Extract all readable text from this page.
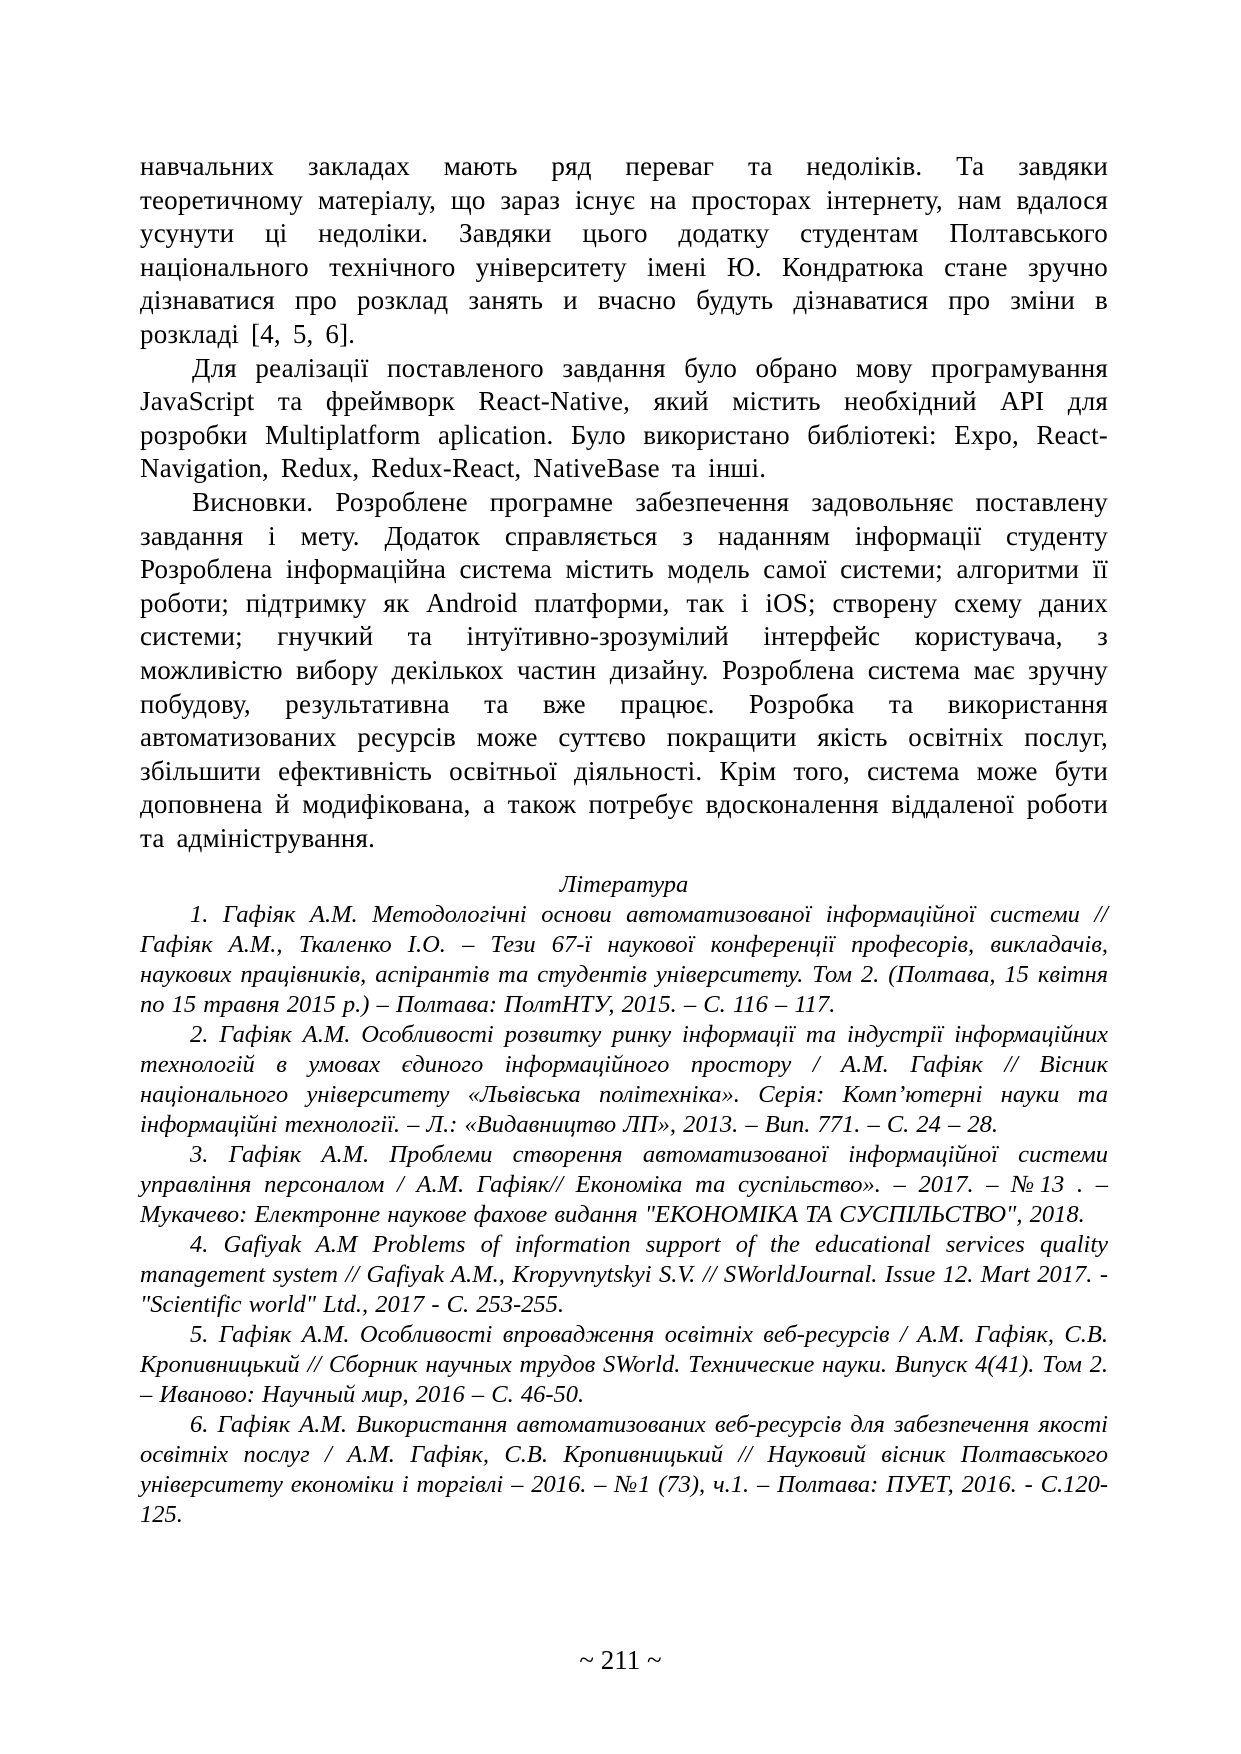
навчальних закладах мають ряд переваг та недоліків. Та завдяки теоретичному матеріалу, що зараз існує на просторах інтернету, нам вдалося усунути ці недоліки. Завдяки цього додатку студентам Полтавського національного технічного університету імені Ю. Кондратюка стане зручно дізнаватися про розклад занять и вчасно будуть дізнаватися про зміни в розкладі [4, 5, 6].

Для реалізації поставленого завдання було обрано мову програмування JavaScript та фреймворк React-Native, який містить необхідний API для розробки Multiplatform aplication. Було використано библіотекі: Expo, React-Navigation, Redux, Redux-React, NativeBase та інші.

Висновки. Розроблене програмне забезпечення задовольняє поставлену завдання і мету. Додаток справляється з наданням інформації студенту Розроблена інформаційна система містить модель самої системи; алгоритми її роботи; підтримку як Android платформи, так і iOS; створену схему даних системи; гнучкий та інтуїтивно-зрозумілий інтерфейс користувача, з можливістю вибору декількох частин дизайну. Розроблена система має зручну побудову, результативна та вже працює. Розробка та використання автоматизованих ресурсів може суттєво покращити якість освітніх послуг, збільшити ефективність освітньої діяльності. Крім того, система може бути доповнена й модифікована, а також потребує вдосконалення віддаленої роботи та адміністрування.

Література

1. Гафіяк А.М. Методологічні основи автоматизованої інформаційної системи // Гафіяк А.М., Ткаленко І.О. – Тези 67-ї наукової конференції професорів, викладачів, наукових працівників, аспірантів та студентів університету. Том 2. (Полтава, 15 квітня по 15 травня 2015 р.) – Полтава: ПолтНТУ, 2015. – С. 116 – 117.

2. Гафіяк А.М. Особливості розвитку ринку інформації та індустрії інформаційних технологій в умовах єдиного інформаційного простору / А.М. Гафіяк // Вісник національного університету «Львівська політехніка». Серія: Комп’ютерні науки та інформаційні технології. – Л.: «Видавництво ЛП», 2013. – Вип. 771. – С. 24 – 28.

3. Гафіяк А.М. Проблеми створення автоматизованої інформаційної системи управління персоналом / А.М. Гафіяк// Економіка та суспільство». – 2017. – №13 . – Мукачево: Електронне наукове фахове видання "ЕКОНОМІКА ТА СУСПІЛЬСТВО", 2018.

4. Gafiyak A.M Problems of information support of the educational services quality management system // Gafiyak A.M., Kropyvnytskyi S.V. // SWorldJournal. Issue 12. Mart 2017. - "Scientific world" Ltd., 2017 - С. 253-255.

5. Гафіяк А.М. Особливості впровадження освітніх веб-ресурсів / А.М. Гафіяк, С.В. Кропивницький // Сборник научных трудов SWorld. Технические науки. Випуск 4(41). Том 2. – Иваново: Научный мир, 2016 – С. 46-50.

6. Гафіяк А.М. Використання автоматизованих веб-ресурсів для забезпечення якості освітніх послуг / А.М. Гафіяк, С.В. Кропивницький // Науковий вісник Полтавського університету економіки і торгівлі – 2016. – №1 (73), ч.1. – Полтава: ПУЕТ, 2016. - С.120-125.

~ 211 ~
